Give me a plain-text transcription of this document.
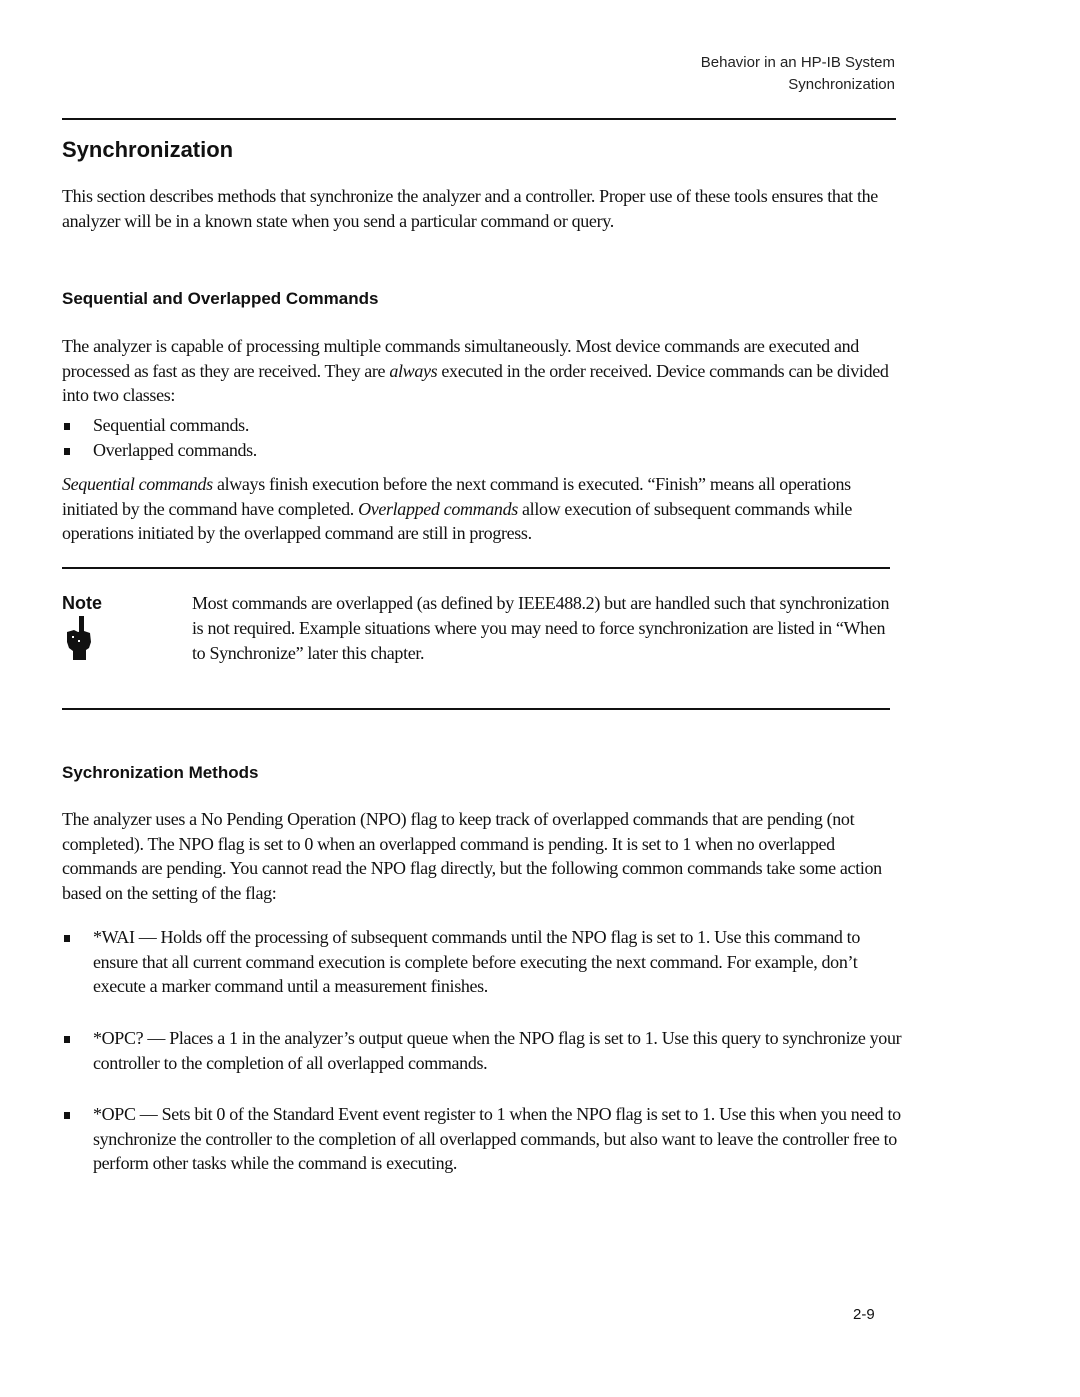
Behavior in an HP-IB System
Synchronization
Synchronization
This section describes methods that synchronize the analyzer and a controller. Proper use of these tools ensures that the analyzer will be in a known state when you send a particular command or query.
Sequential and Overlapped Commands
The analyzer is capable of processing multiple commands simultaneously. Most device commands are executed and processed as fast as they are received. They are always executed in the order received. Device commands can be divided into two classes:
Sequential commands.
Overlapped commands.
Sequential commands always finish execution before the next command is executed. “Finish” means all operations initiated by the command have completed. Overlapped commands allow execution of subsequent commands while operations initiated by the overlapped command are still in progress.
Note	Most commands are overlapped (as defined by IEEE488.2) but are handled such that synchronization is not required. Example situations where you may need to force synchronization are listed in “When to Synchronize” later this chapter.
Sychronization Methods
The analyzer uses a No Pending Operation (NPO) flag to keep track of overlapped commands that are pending (not completed). The NPO flag is set to 0 when an overlapped command is pending. It is set to 1 when no overlapped commands are pending. You cannot read the NPO flag directly, but the following common commands take some action based on the setting of the flag:
*WAI — Holds off the processing of subsequent commands until the NPO flag is set to 1. Use this command to ensure that all current command execution is complete before executing the next command. For example, don’t execute a marker command until a measurement finishes.
*OPC? — Places a 1 in the analyzer’s output queue when the NPO flag is set to 1. Use this query to synchronize your controller to the completion of all overlapped commands.
*OPC — Sets bit 0 of the Standard Event event register to 1 when the NPO flag is set to 1. Use this when you need to synchronize the controller to the completion of all overlapped commands, but also want to leave the controller free to perform other tasks while the command is executing.
2-9
